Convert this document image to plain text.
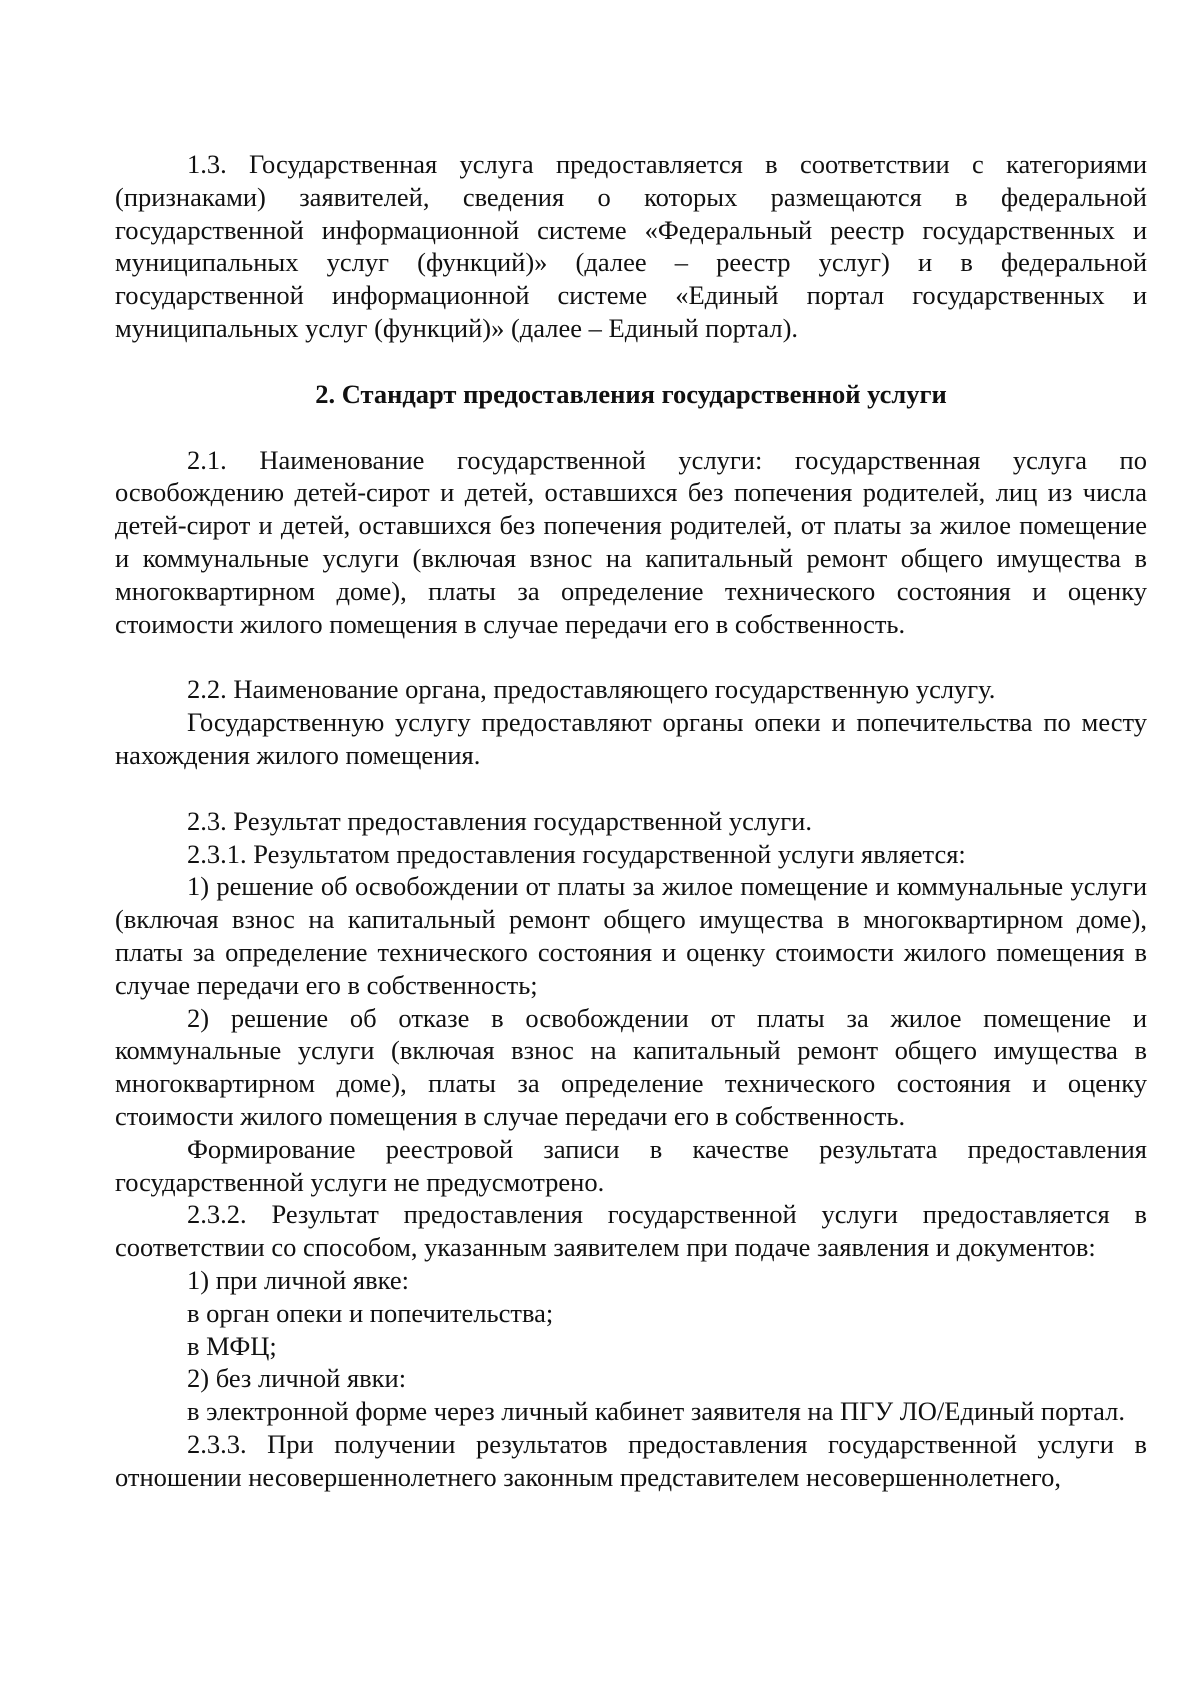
1.3. Государственная услуга предоставляется в соответствии с категориями (признаками) заявителей, сведения о которых размещаются в федеральной государственной информационной системе «Федеральный реестр государственных и муниципальных услуг (функций)» (далее – реестр услуг) и в федеральной государственной информационной системе «Единый портал государственных и муниципальных услуг (функций)» (далее – Единый портал).

2. Стандарт предоставления государственной услуги

2.1. Наименование государственной услуги: государственная услуга по освобождению детей-сирот и детей, оставшихся без попечения родителей, лиц из числа детей-сирот и детей, оставшихся без попечения родителей, от платы за жилое помещение и коммунальные услуги (включая взнос на капитальный ремонт общего имущества в многоквартирном доме), платы за определение технического состояния и оценку стоимости жилого помещения в случае передачи его в собственность.

2.2. Наименование органа, предоставляющего государственную услугу.

Государственную услугу предоставляют органы опеки и попечительства по месту нахождения жилого помещения.

2.3. Результат предоставления государственной услуги.

2.3.1. Результатом предоставления государственной услуги является:

1) решение об освобождении от платы за жилое помещение и коммунальные услуги (включая взнос на капитальный ремонт общего имущества в многоквартирном доме), платы за определение технического состояния и оценку стоимости жилого помещения в случае передачи его в собственность;

2) решение об отказе в освобождении от платы за жилое помещение и коммунальные услуги (включая взнос на капитальный ремонт общего имущества в многоквартирном доме), платы за определение технического состояния и оценку стоимости жилого помещения в случае передачи его в собственность.

Формирование реестровой записи в качестве результата предоставления государственной услуги не предусмотрено.

2.3.2. Результат предоставления государственной услуги предоставляется в соответствии со способом, указанным заявителем при подаче заявления и документов:

1) при личной явке:

в орган опеки и попечительства;

в МФЦ;

2) без личной явки:

в электронной форме через личный кабинет заявителя на ПГУ ЛО/Единый портал.

2.3.3. При получении результатов предоставления государственной услуги в отношении несовершеннолетнего законным представителем несовершеннолетнего,
